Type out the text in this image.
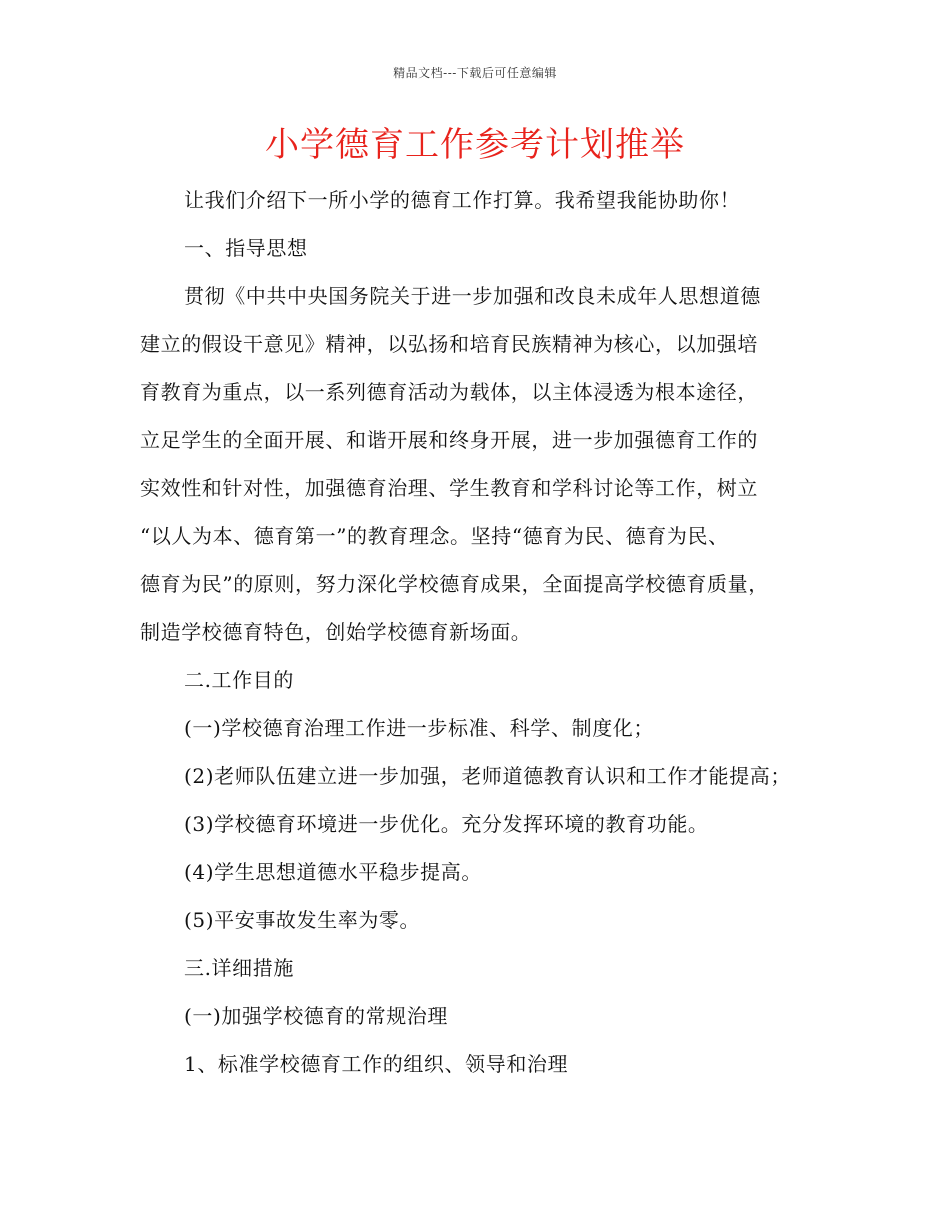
精品文档---下载后可任意编辑
小学德育工作参考计划推举
让我们介绍下一所小学的德育工作打算。我希望我能协助你！
一、指导思想
贯彻《中共中央国务院关于进一步加强和改良未成年人思想道德
建立的假设干意见》精神，以弘扬和培育民族精神为核心，以加强培
育教育为重点，以一系列德育活动为载体，以主体浸透为根本途径，
立足学生的全面开展、和谐开展和终身开展，进一步加强德育工作的
实效性和针对性，加强德育治理、学生教育和学科讨论等工作，树立
“以人为本、德育第一”的教育理念。坚持“德育为民、德育为民、
德育为民”的原则，努力深化学校德育成果，全面提高学校德育质量，
制造学校德育特色，创始学校德育新场面。
二.工作目的
(一)学校德育治理工作进一步标准、科学、制度化；
(2)老师队伍建立进一步加强，老师道德教育认识和工作才能提高；
(3)学校德育环境进一步优化。充分发挥环境的教育功能。
(4)学生思想道德水平稳步提高。
(5)平安事故发生率为零。
三.详细措施
(一)加强学校德育的常规治理
1、标准学校德育工作的组织、领导和治理
